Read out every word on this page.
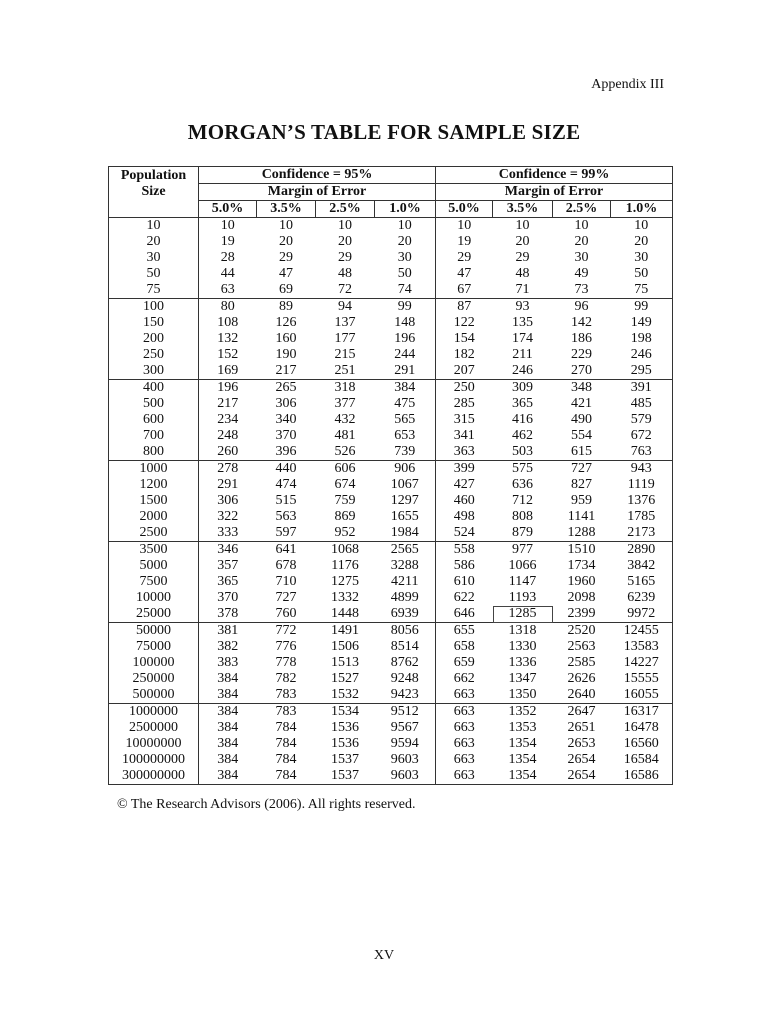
Appendix III
MORGAN’S TABLE FOR SAMPLE SIZE
Population
Size	Confidence = 95%				Confidence = 99%			
	Margin of Error				Margin of Error			
	5.0%	3.5%	2.5%	1.0%	5.0%	3.5%	2.5%	1.0%
10	10	10	10	10	10	10	10	10
20	19	20	20	20	19	20	20	20
30	28	29	29	30	29	29	30	30
50	44	47	48	50	47	48	49	50
75	63	69	72	74	67	71	73	75
100	80	89	94	99	87	93	96	99
150	108	126	137	148	122	135	142	149
200	132	160	177	196	154	174	186	198
250	152	190	215	244	182	211	229	246
300	169	217	251	291	207	246	270	295
400	196	265	318	384	250	309	348	391
500	217	306	377	475	285	365	421	485
600	234	340	432	565	315	416	490	579
700	248	370	481	653	341	462	554	672
800	260	396	526	739	363	503	615	763
1000	278	440	606	906	399	575	727	943
1200	291	474	674	1067	427	636	827	1119
1500	306	515	759	1297	460	712	959	1376
2000	322	563	869	1655	498	808	1141	1785
2500	333	597	952	1984	524	879	1288	2173
3500	346	641	1068	2565	558	977	1510	2890
5000	357	678	1176	3288	586	1066	1734	3842
7500	365	710	1275	4211	610	1147	1960	5165
10000	370	727	1332	4899	622	1193	2098	6239
25000	378	760	1448	6939	646	1285	2399	9972
50000	381	772	1491	8056	655	1318	2520	12455
75000	382	776	1506	8514	658	1330	2563	13583
100000	383	778	1513	8762	659	1336	2585	14227
250000	384	782	1527	9248	662	1347	2626	15555
500000	384	783	1532	9423	663	1350	2640	16055
1000000	384	783	1534	9512	663	1352	2647	16317
2500000	384	784	1536	9567	663	1353	2651	16478
10000000	384	784	1536	9594	663	1354	2653	16560
100000000	384	784	1537	9603	663	1354	2654	16584
300000000	384	784	1537	9603	663	1354	2654	16586
© The Research Advisors (2006). All rights reserved.
XV
